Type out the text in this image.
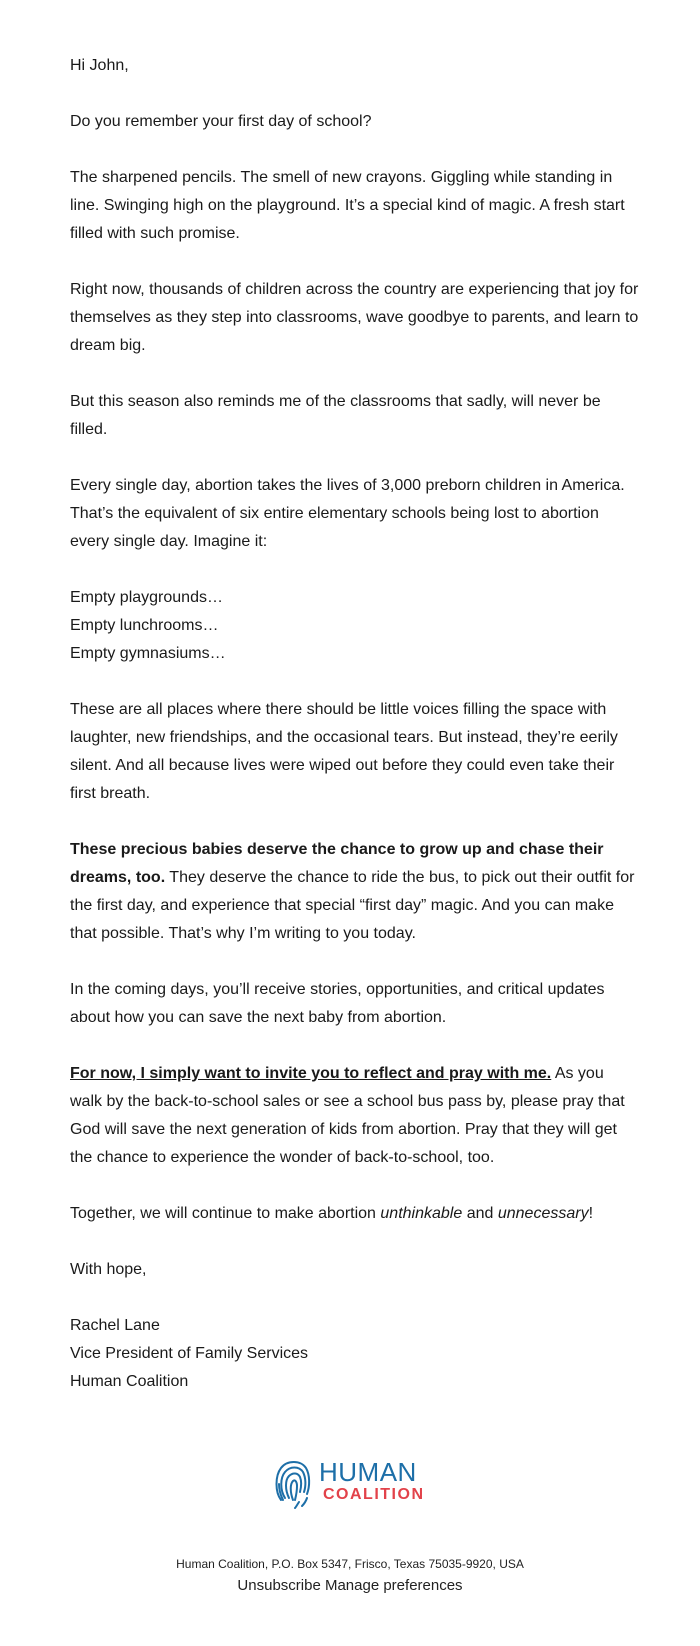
Hi John,

Do you remember your first day of school?

The sharpened pencils. The smell of new crayons. Giggling while standing in line. Swinging high on the playground. It’s a special kind of magic. A fresh start filled with such promise.

Right now, thousands of children across the country are experiencing that joy for themselves as they step into classrooms, wave goodbye to parents, and learn to dream big.

But this season also reminds me of the classrooms that sadly, will never be filled.

Every single day, abortion takes the lives of 3,000 preborn children in America. That’s the equivalent of six entire elementary schools being lost to abortion every single day. Imagine it:

Empty playgrounds…
Empty lunchrooms…
Empty gymnasiums…

These are all places where there should be little voices filling the space with laughter, new friendships, and the occasional tears. But instead, they’re eerily silent. And all because lives were wiped out before they could even take their first breath.

These precious babies deserve the chance to grow up and chase their dreams, too. They deserve the chance to ride the bus, to pick out their outfit for the first day, and experience that special “first day” magic. And you can make that possible. That’s why I’m writing to you today.

In the coming days, you’ll receive stories, opportunities, and critical updates about how you can save the next baby from abortion.

For now, I simply want to invite you to reflect and pray with me. As you walk by the back-to-school sales or see a school bus pass by, please pray that God will save the next generation of kids from abortion. Pray that they will get the chance to experience the wonder of back-to-school, too.

Together, we will continue to make abortion unthinkable and unnecessary!

With hope,

Rachel Lane

Vice President of Family Services

Human Coalition

HUMAN
COALITION
Human Coalition, P.O. Box 5347, Frisco, Texas 75035-9920, USA
Unsubscribe Manage preferences
